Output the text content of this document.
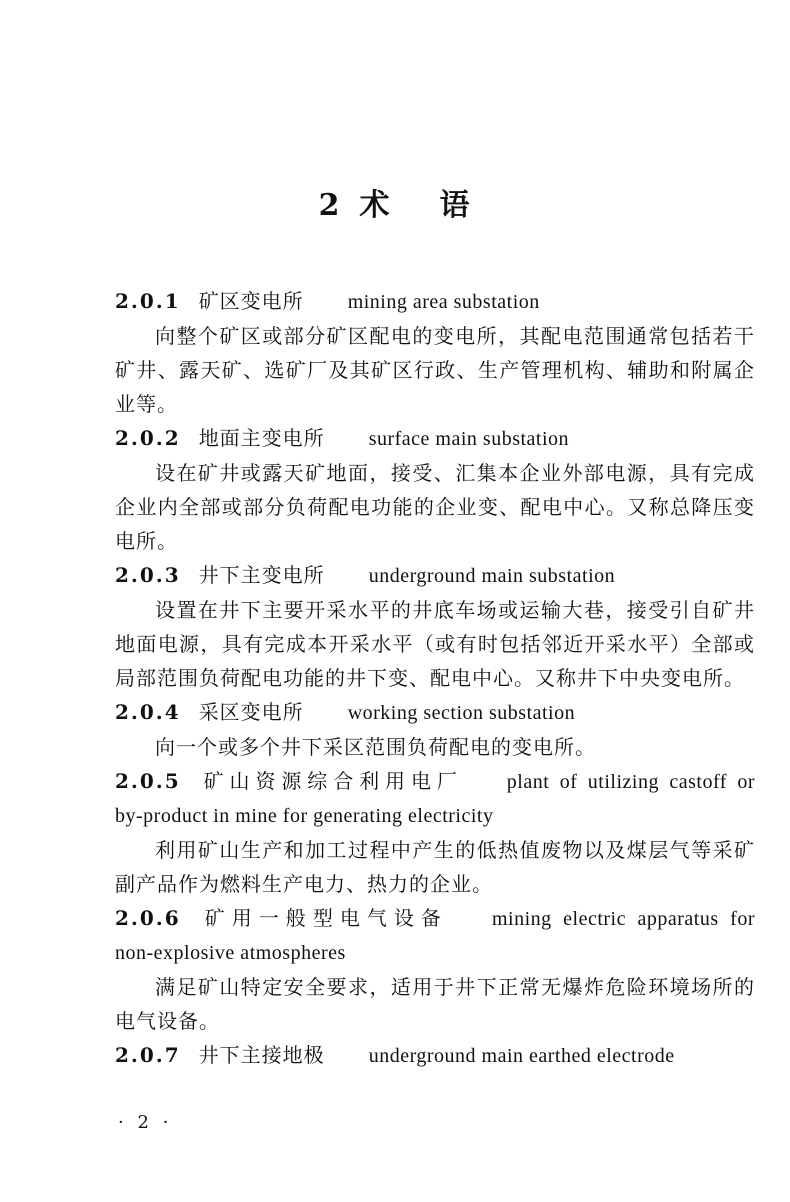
2 术 语
2.0.1 矿区变电所 mining area substation
向整个矿区或部分矿区配电的变电所，其配电范围通常包括若干矿井、露天矿、选矿厂及其矿区行政、生产管理机构、辅助和附属企业等。
2.0.2 地面主变电所 surface main substation
设在矿井或露天矿地面，接受、汇集本企业外部电源，具有完成企业内全部或部分负荷配电功能的企业变、配电中心。又称总降压变电所。
2.0.3 井下主变电所 underground main substation
设置在井下主要开采水平的井底车场或运输大巷，接受引自矿井地面电源，具有完成本开采水平（或有时包括邻近开采水平）全部或局部范围负荷配电功能的井下变、配电中心。又称井下中央变电所。
2.0.4 采区变电所 working section substation
向一个或多个井下采区范围负荷配电的变电所。
2.0.5 矿山资源综合利用电厂 plant of utilizing castoff or
by-product in mine for generating electricity
利用矿山生产和加工过程中产生的低热值废物以及煤层气等采矿副产品作为燃料生产电力、热力的企业。
2.0.6 矿用一般型电气设备 mining electric apparatus for
non-explosive atmospheres
满足矿山特定安全要求，适用于井下正常无爆炸危险环境场所的电气设备。
2.0.7 井下主接地极 underground main earthed electrode
· 2 ·
